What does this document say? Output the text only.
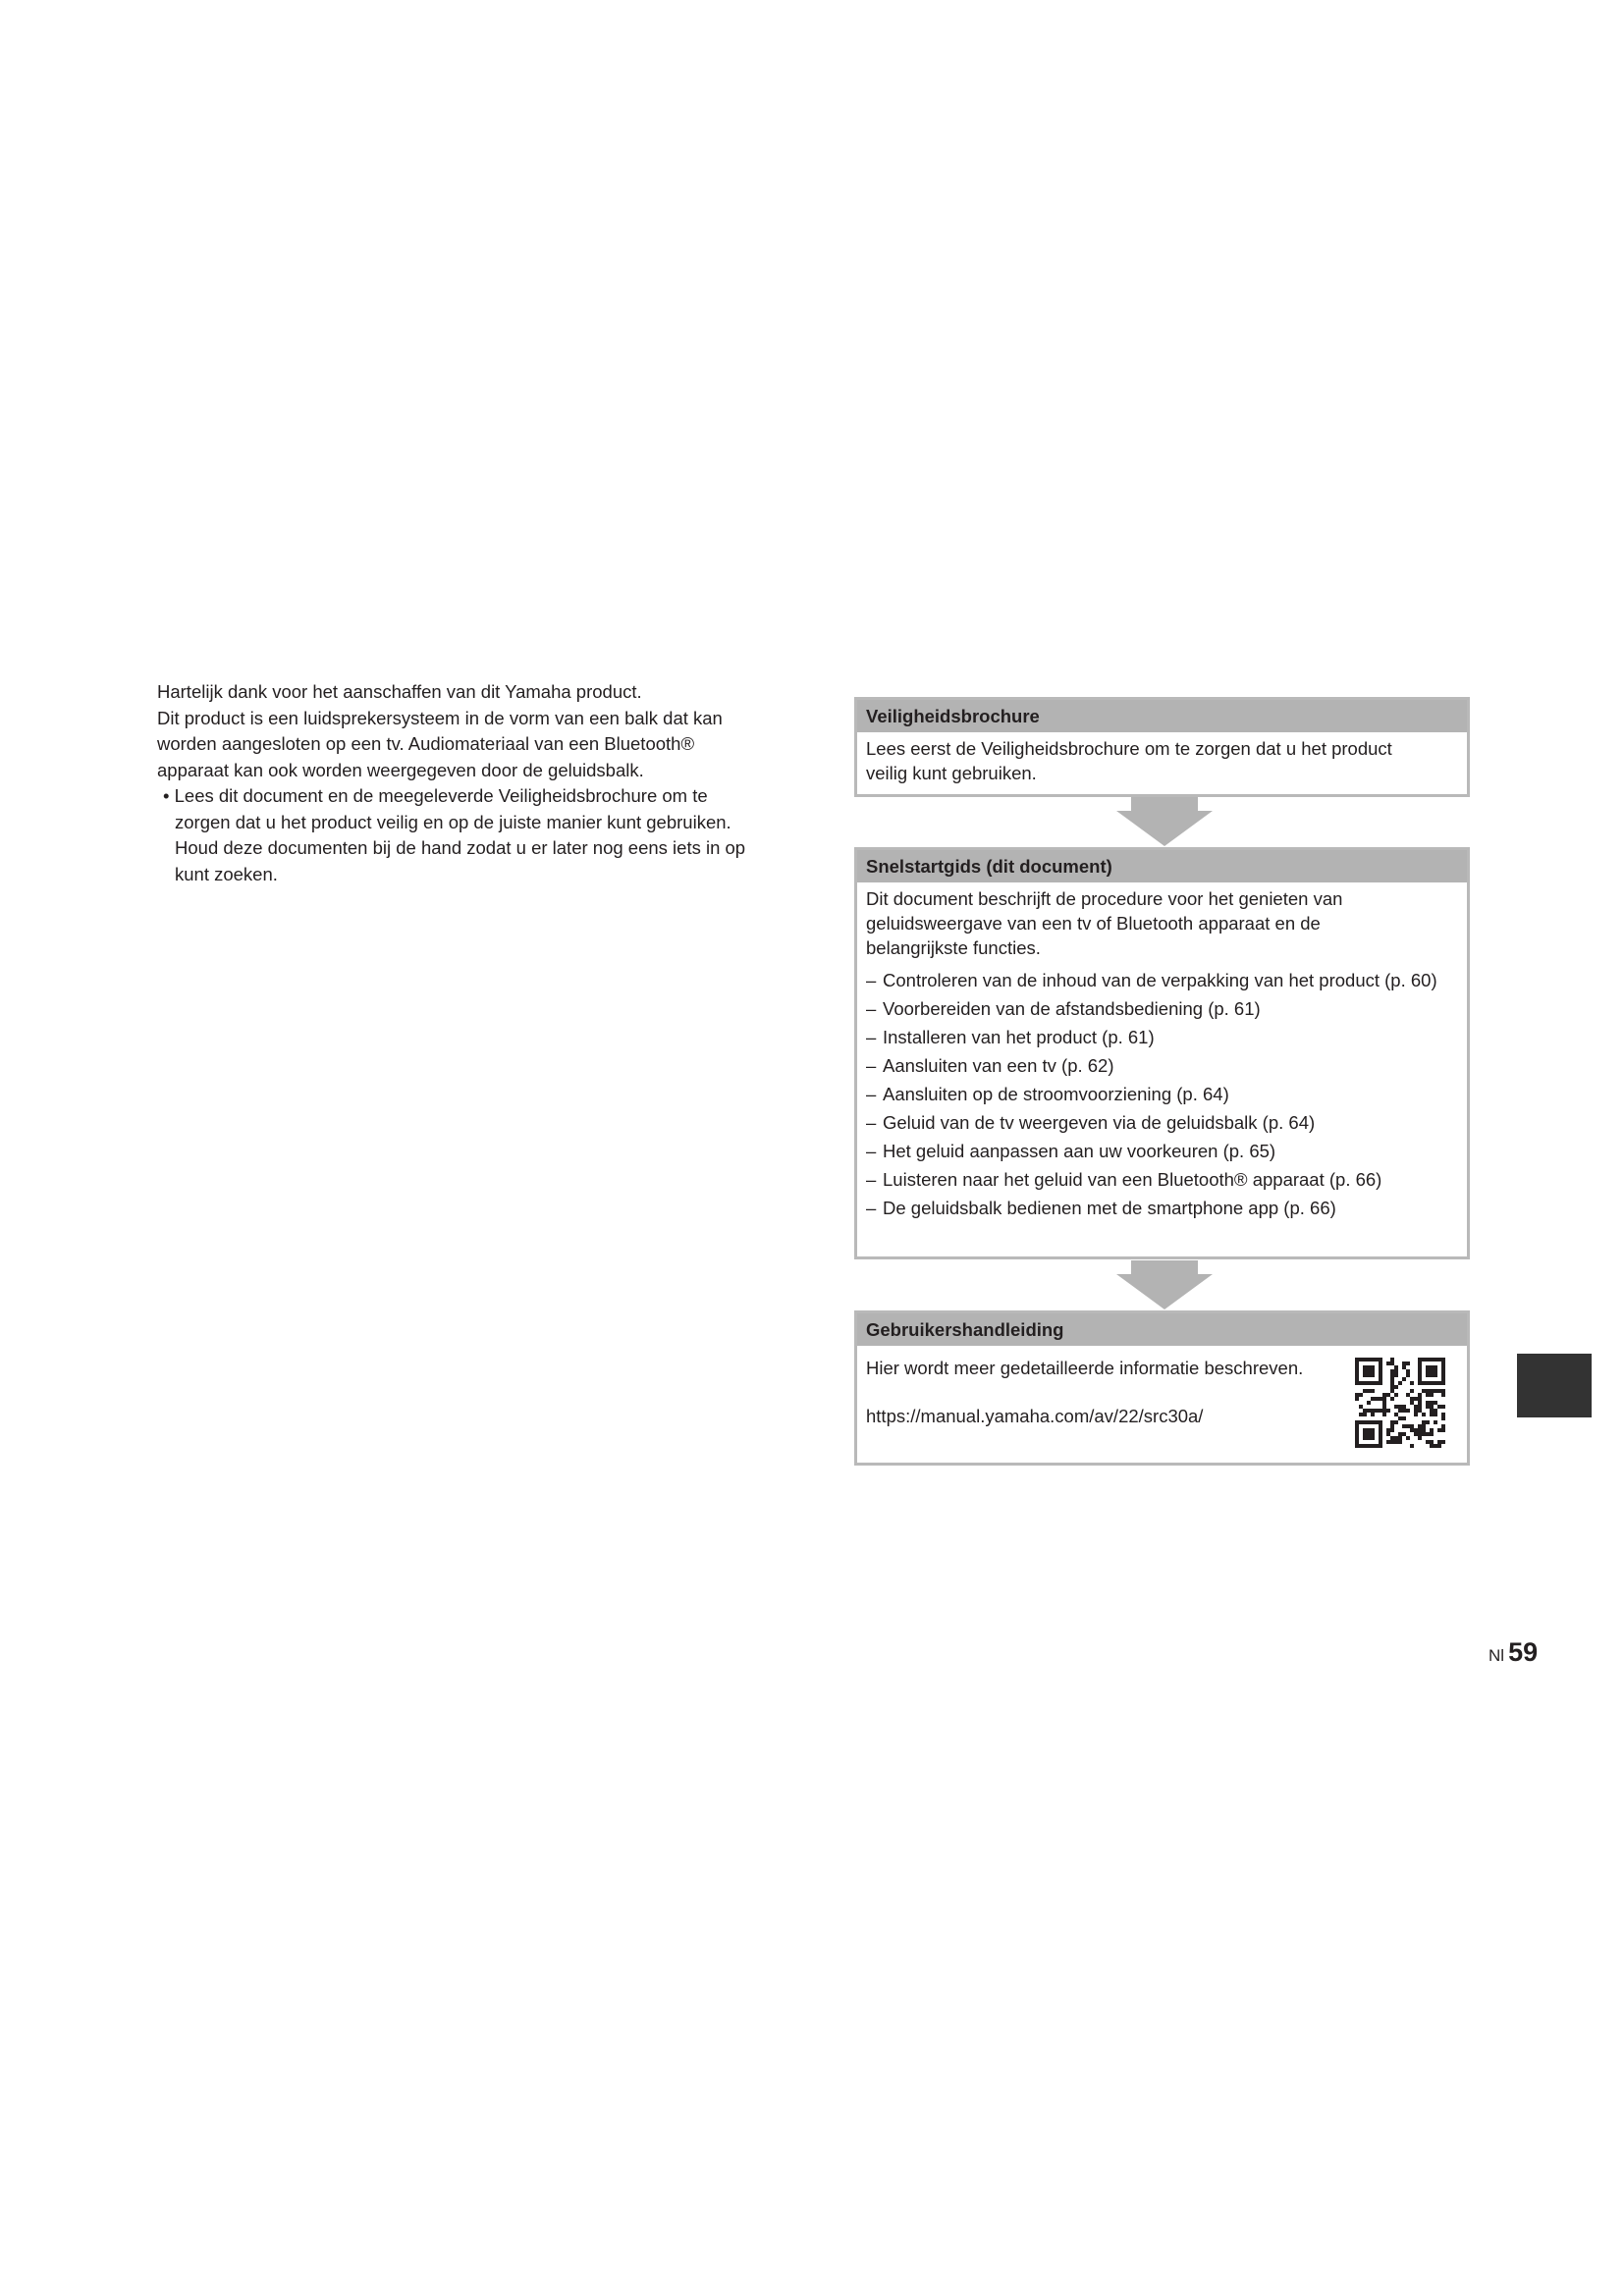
Hartelijk dank voor het aanschaffen van dit Yamaha product.

Dit product is een luidsprekersysteem in de vorm van een balk dat kan

worden aangesloten op een tv. Audiomateriaal van een Bluetooth®

apparaat kan ook worden weergegeven door de geluidsbalk.

• Lees dit document en de meegeleverde Veiligheidsbrochure om te

zorgen dat u het product veilig en op de juiste manier kunt gebruiken.

Houd deze documenten bij de hand zodat u er later nog eens iets in op

kunt zoeken.

Veiligheidsbrochure

Lees eerst de Veiligheidsbrochure om te zorgen dat u het product

veilig kunt gebruiken.

Snelstartgids (dit document)

Dit document beschrijft de procedure voor het genieten van

geluidsweergave van een tv of Bluetooth apparaat en de

belangrijkste functies.

– Controleren van de inhoud van de verpakking van het product (p. 60)
– Voorbereiden van de afstandsbediening (p. 61)
– Installeren van het product (p. 61)
– Aansluiten van een tv (p. 62)
– Aansluiten op de stroomvoorziening (p. 64)
– Geluid van de tv weergeven via de geluidsbalk (p. 64)
– Het geluid aanpassen aan uw voorkeuren (p. 65)
– Luisteren naar het geluid van een Bluetooth® apparaat (p. 66)
– De geluidsbalk bedienen met de smartphone app (p. 66)
Gebruikershandleiding

Hier wordt meer gedetailleerde informatie beschreven.

https://manual.yamaha.com/av/22/src30a/

Nl 59
